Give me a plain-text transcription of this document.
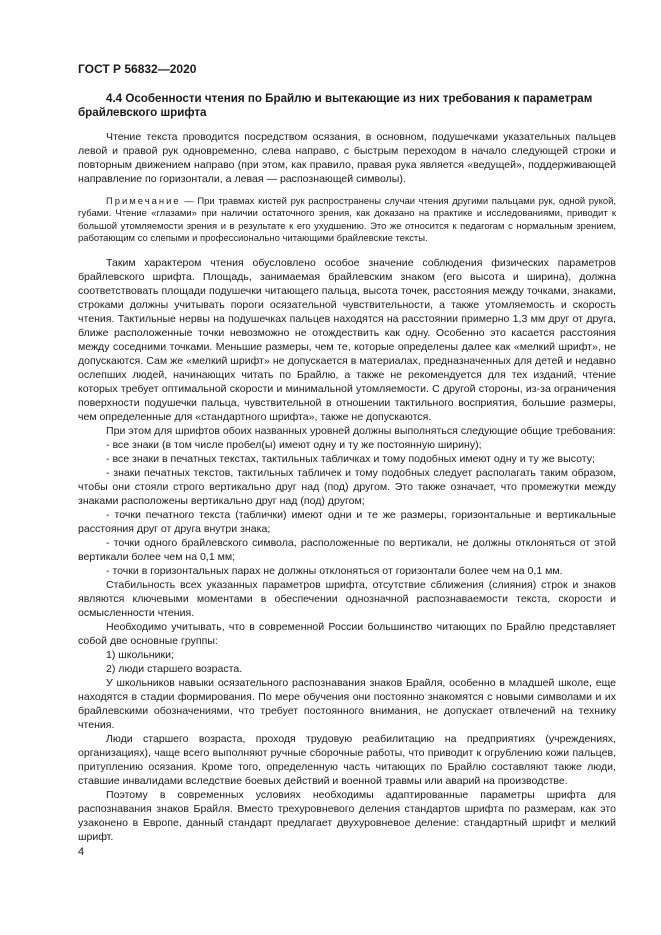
ГОСТ Р 56832—2020
4.4 Особенности чтения по Брайлю и вытекающие из них требования к параметрам брайлевского шрифта

Чтение текста проводится посредством осязания, в основном, подушечками указательных пальцев левой и правой рук одновременно, слева направо, с быстрым переходом в начало следующей строки и повторным движением направо (при этом, как правило, правая рука является «ведущей», поддерживающей направление по горизонтали, а левая — распознающей символы).

Примечание — При травмах кистей рук распространены случаи чтения другими пальцами рук, одной рукой, губами. Чтение «глазами» при наличии остаточного зрения, как доказано на практике и исследованиями, приводит к большой утомляемости зрения и в результате к его ухудшению. Это же относится к педагогам с нормальным зрением, работающим со слепыми и профессионально читающими брайлевские тексты.

Таким характером чтения обусловлено особое значение соблюдения физических параметров брайлевского шрифта. Площадь, занимаемая брайлевским знаком (его высота и ширина), должна соответствовать площади подушечки читающего пальца, высота точек, расстояния между точками, знаками, строками должны учитывать пороги осязательной чувствительности, а также утомляемость и скорость чтения. Тактильные нервы на подушечках пальцев находятся на расстоянии примерно 1,3 мм друг от друга, ближе расположенные точки невозможно не отождествить как одну. Особенно это касается расстояния между соседними точками. Меньшие размеры, чем те, которые определены далее как «мелкий шрифт», не допускаются. Сам же «мелкий шрифт» не допускается в материалах, предназначенных для детей и недавно ослепших людей, начинающих читать по Брайлю, а также не рекомендуется для тех изданий, чтение которых требует оптимальной скорости и минимальной утомляемости. С другой стороны, из-за ограничения поверхности подушечки пальца, чувствительной в отношении тактильного восприятия, большие размеры, чем определенные для «стандартного шрифта», также не допускаются.

При этом для шрифтов обоих названных уровней должны выполняться следующие общие требования:

- все знаки (в том числе пробел(ы) имеют одну и ту же постоянную ширину);

- все знаки в печатных текстах, тактильных табличках и тому подобных имеют одну и ту же высоту;

- знаки печатных текстов, тактильных табличек и тому подобных следует располагать таким образом, чтобы они стояли строго вертикально друг над (под) другом. Это также означает, что промежутки между знаками расположены вертикально друг над (под) другом;

- точки печатного текста (таблички) имеют одни и те же размеры, горизонтальные и вертикальные расстояния друг от друга внутри знака;

- точки одного брайлевского символа, расположенные по вертикали, не должны отклоняться от этой вертикали более чем на 0,1 мм;

- точки в горизонтальных парах не должны отклоняться от горизонтали более чем на 0,1 мм.

Стабильность всех указанных параметров шрифта, отсутствие сближения (слияния) строк и знаков являются ключевыми моментами в обеспечении однозначной распознаваемости текста, скорости и осмысленности чтения.

Необходимо учитывать, что в современной России большинство читающих по Брайлю представляет собой две основные группы:

1) школьники;

2) люди старшего возраста.

У школьников навыки осязательного распознавания знаков Брайля, особенно в младшей школе, еще находятся в стадии формирования. По мере обучения они постоянно знакомятся с новыми символами и их брайлевскими обозначениями, что требует постоянного внимания, не допускает отвлечений на технику чтения.

Люди старшего возраста, проходя трудовую реабилитацию на предприятиях (учреждениях, организациях), чаще всего выполняют ручные сборочные работы, что приводит к огрублению кожи пальцев, притуплению осязания. Кроме того, определенную часть читающих по Брайлю составляют также люди, ставшие инвалидами вследствие боевых действий и военной травмы или аварий на производстве.

Поэтому в современных условиях необходимы адаптированные параметры шрифта для распознавания знаков Брайля. Вместо трехуровневого деления стандартов шрифта по размерам, как это узаконено в Европе, данный стандарт предлагает двухуровневое деление: стандартный шрифт и мелкий шрифт.

4
